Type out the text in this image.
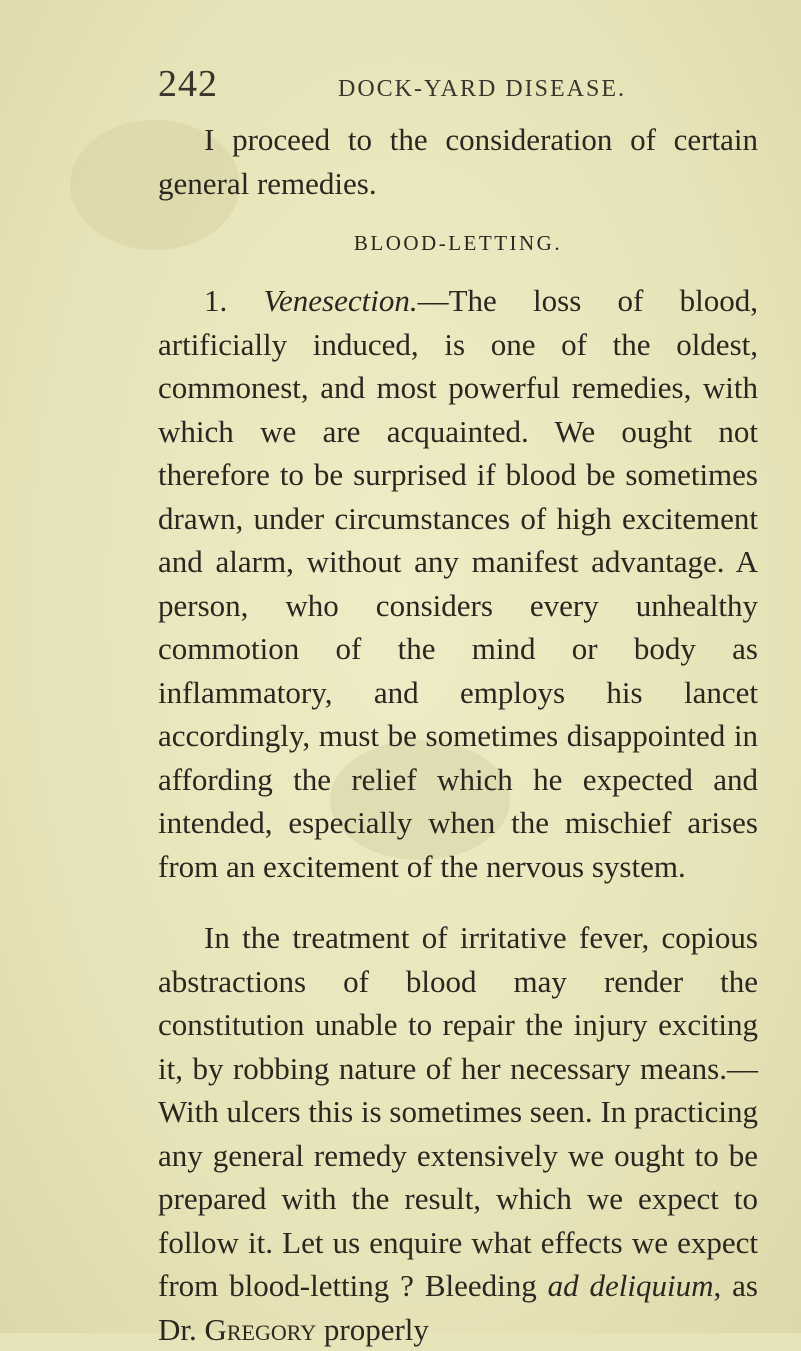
242	DOCK-YARD DISEASE.

I proceed to the consideration of certain general remedies.

BLOOD-LETTING.

1. Venesection.—The loss of blood, artificially induced, is one of the oldest, commonest, and most powerful remedies, with which we are acquainted. We ought not therefore to be surprised if blood be sometimes drawn, under circumstances of high excitement and alarm, without any manifest advantage. A person, who considers every unhealthy commotion of the mind or body as inflammatory, and employs his lancet accordingly, must be sometimes disappointed in affording the relief which he expected and intended, especially when the mischief arises from an excitement of the nervous system.

In the treatment of irritative fever, copious abstractions of blood may render the constitution unable to repair the injury exciting it, by robbing nature of her necessary means.—With ulcers this is sometimes seen. In practicing any general remedy extensively we ought to be prepared with the result, which we expect to follow it. Let us enquire what effects we expect from blood-letting ? Bleeding ad deliquium, as Dr. Gregory properly
